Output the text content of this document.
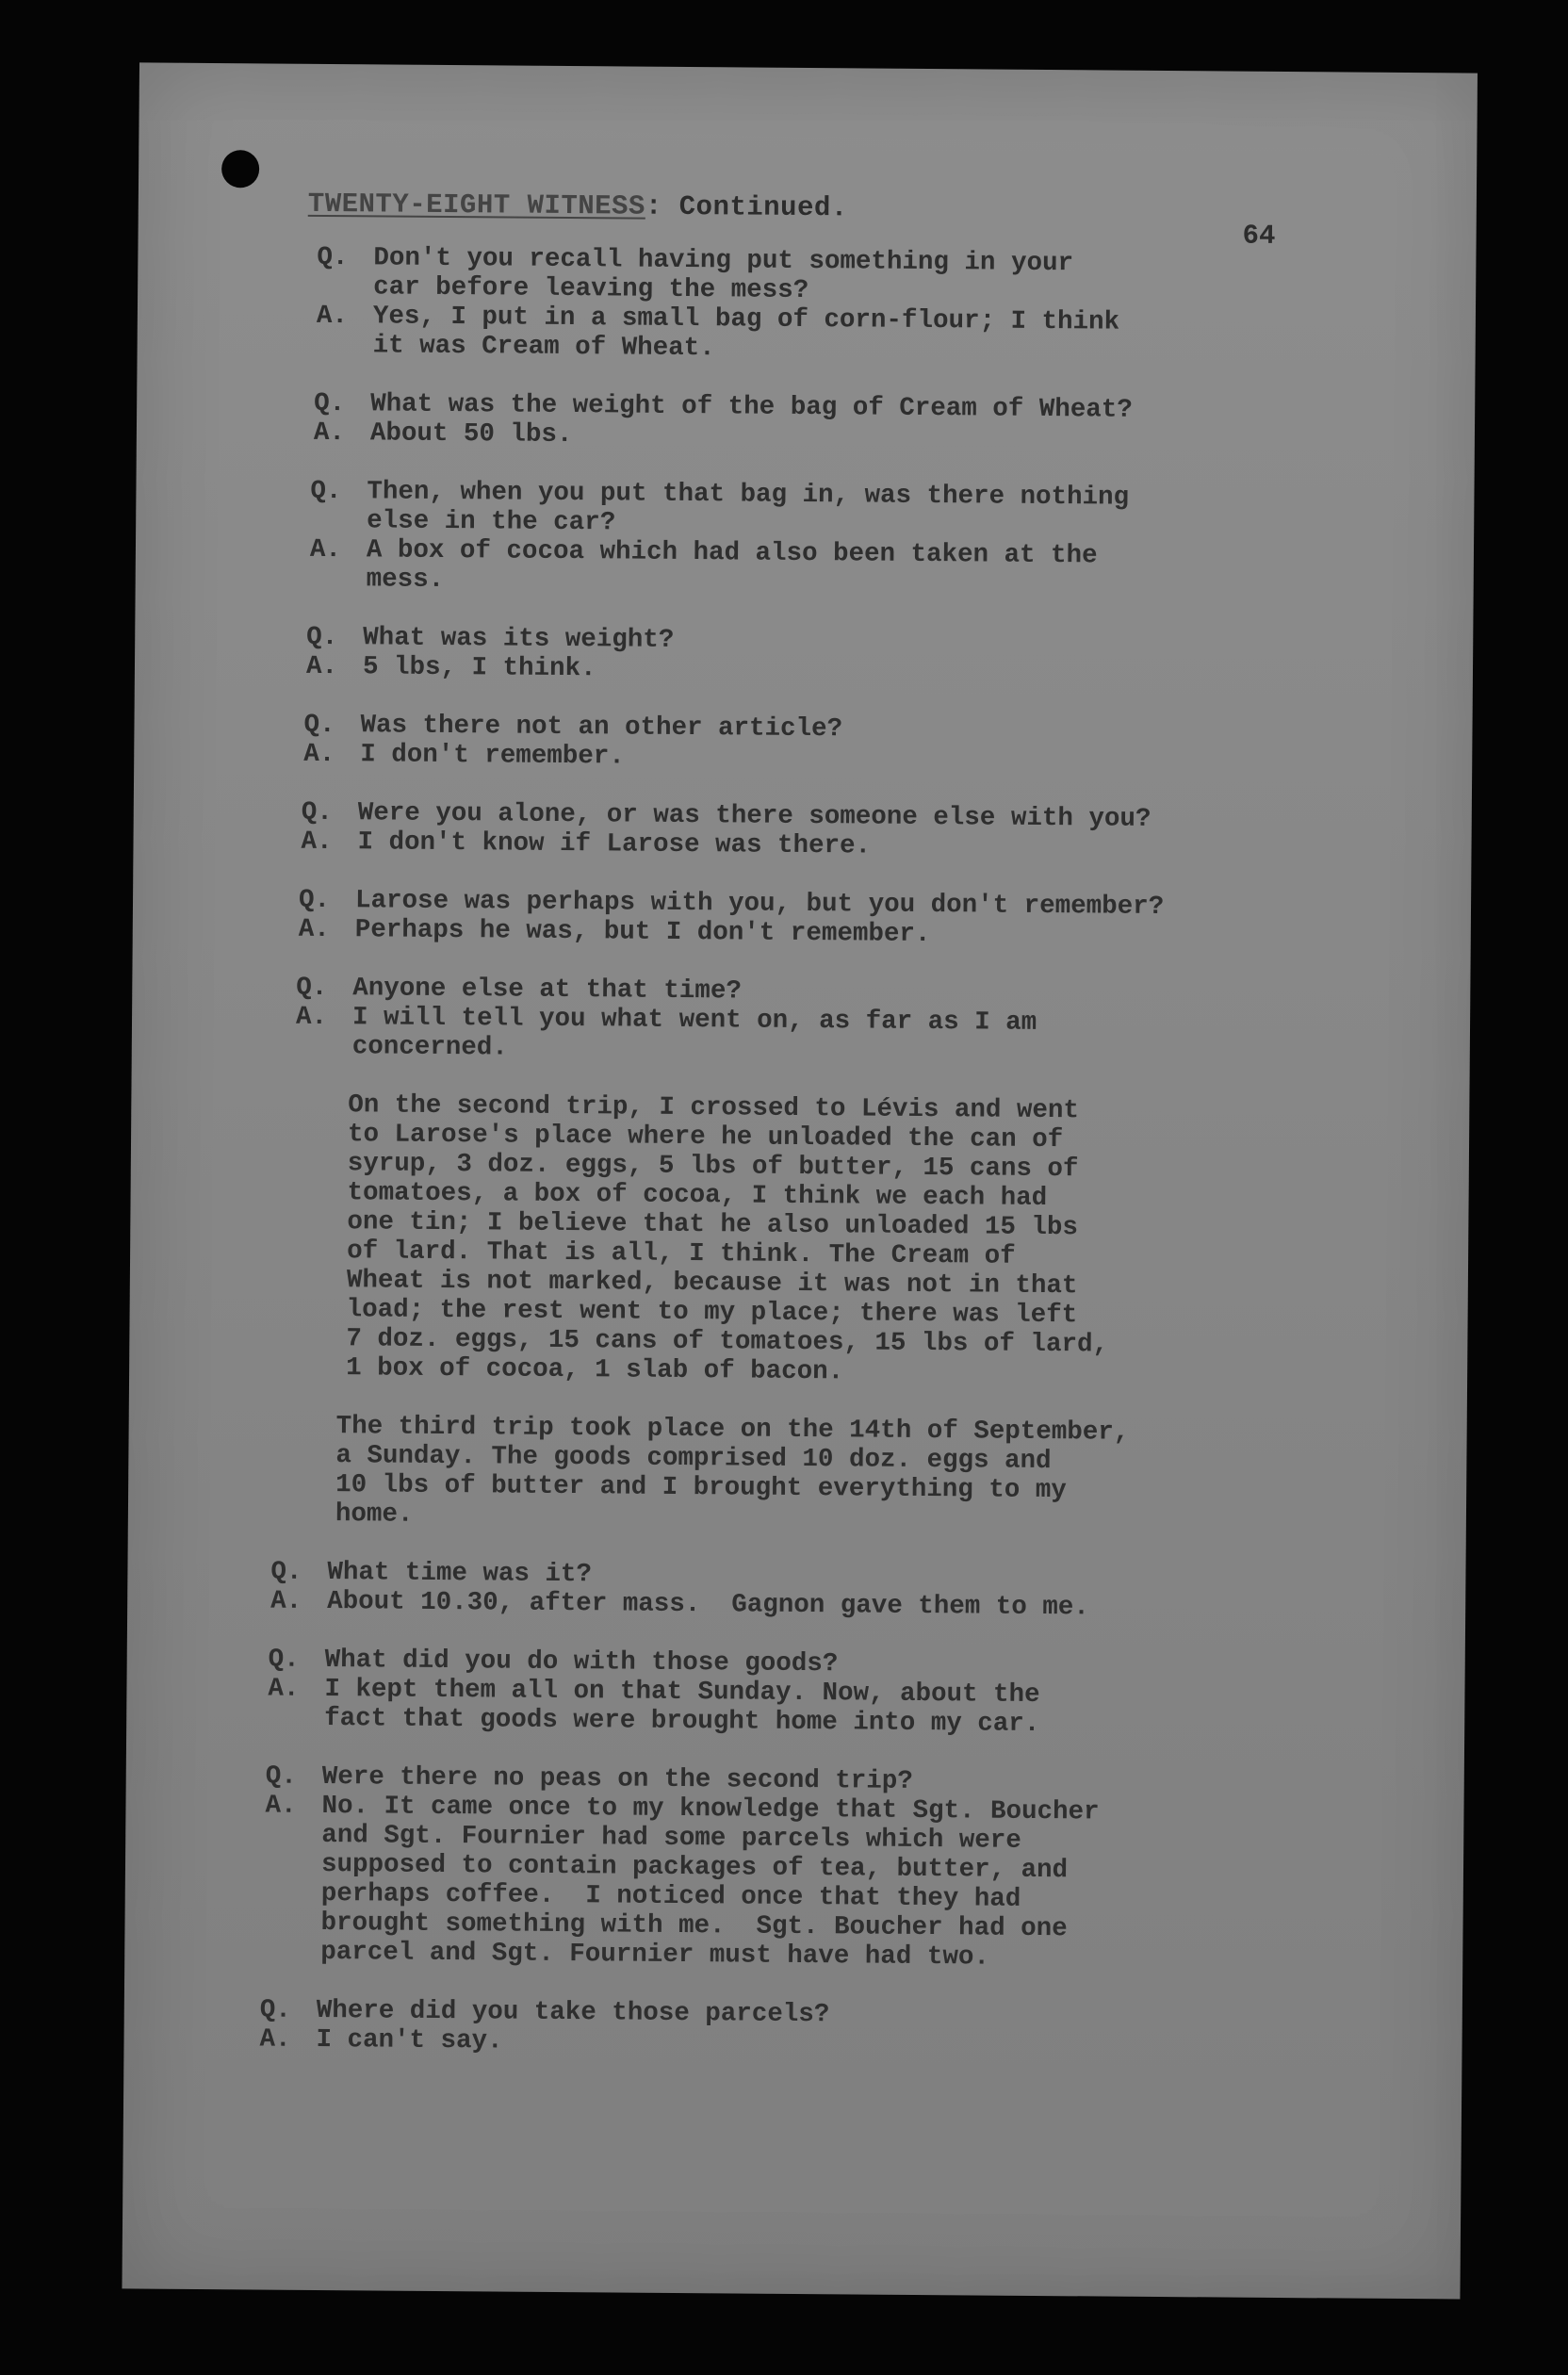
TWENTY-EIGHT WITNESS: Continued.
64
Q. Don't you recall having put something in your
car before leaving the mess?
A. Yes, I put in a small bag of corn-flour; I think
it was Cream of Wheat.
Q. What was the weight of the bag of Cream of Wheat?
A. About 50 lbs.
Q. Then, when you put that bag in, was there nothing
else in the car?
A. A box of cocoa which had also been taken at the
mess.
Q. What was its weight?
A. 5 lbs, I think.
Q. Was there not an other article?
A. I don't remember.
Q. Were you alone, or was there someone else with you?
A. I don't know if Larose was there.
Q. Larose was perhaps with you, but you don't remember?
A. Perhaps he was, but I don't remember.
Q. Anyone else at that time?
A. I will tell you what went on, as far as I am
concerned.
On the second trip, I crossed to Lévis and went
to Larose's place where he unloaded the can of
syrup, 3 doz. eggs, 5 lbs of butter, 15 cans of
tomatoes, a box of cocoa, I think we each had
one tin; I believe that he also unloaded 15 lbs
of lard. That is all, I think. The Cream of
Wheat is not marked, because it was not in that
load; the rest went to my place; there was left
7 doz. eggs, 15 cans of tomatoes, 15 lbs of lard,
1 box of cocoa, 1 slab of bacon.
The third trip took place on the 14th of September,
a Sunday. The goods comprised 10 doz. eggs and
10 lbs of butter and I brought everything to my
home.
Q. What time was it?
A. About 10.30, after mass.  Gagnon gave them to me.
Q. What did you do with those goods?
A. I kept them all on that Sunday. Now, about the
fact that goods were brought home into my car.
Q. Were there no peas on the second trip?
A. No. It came once to my knowledge that Sgt. Boucher
and Sgt. Fournier had some parcels which were
supposed to contain packages of tea, butter, and
perhaps coffee.  I noticed once that they had
brought something with me.  Sgt. Boucher had one
parcel and Sgt. Fournier must have had two.
Q. Where did you take those parcels?
A. I can't say.
